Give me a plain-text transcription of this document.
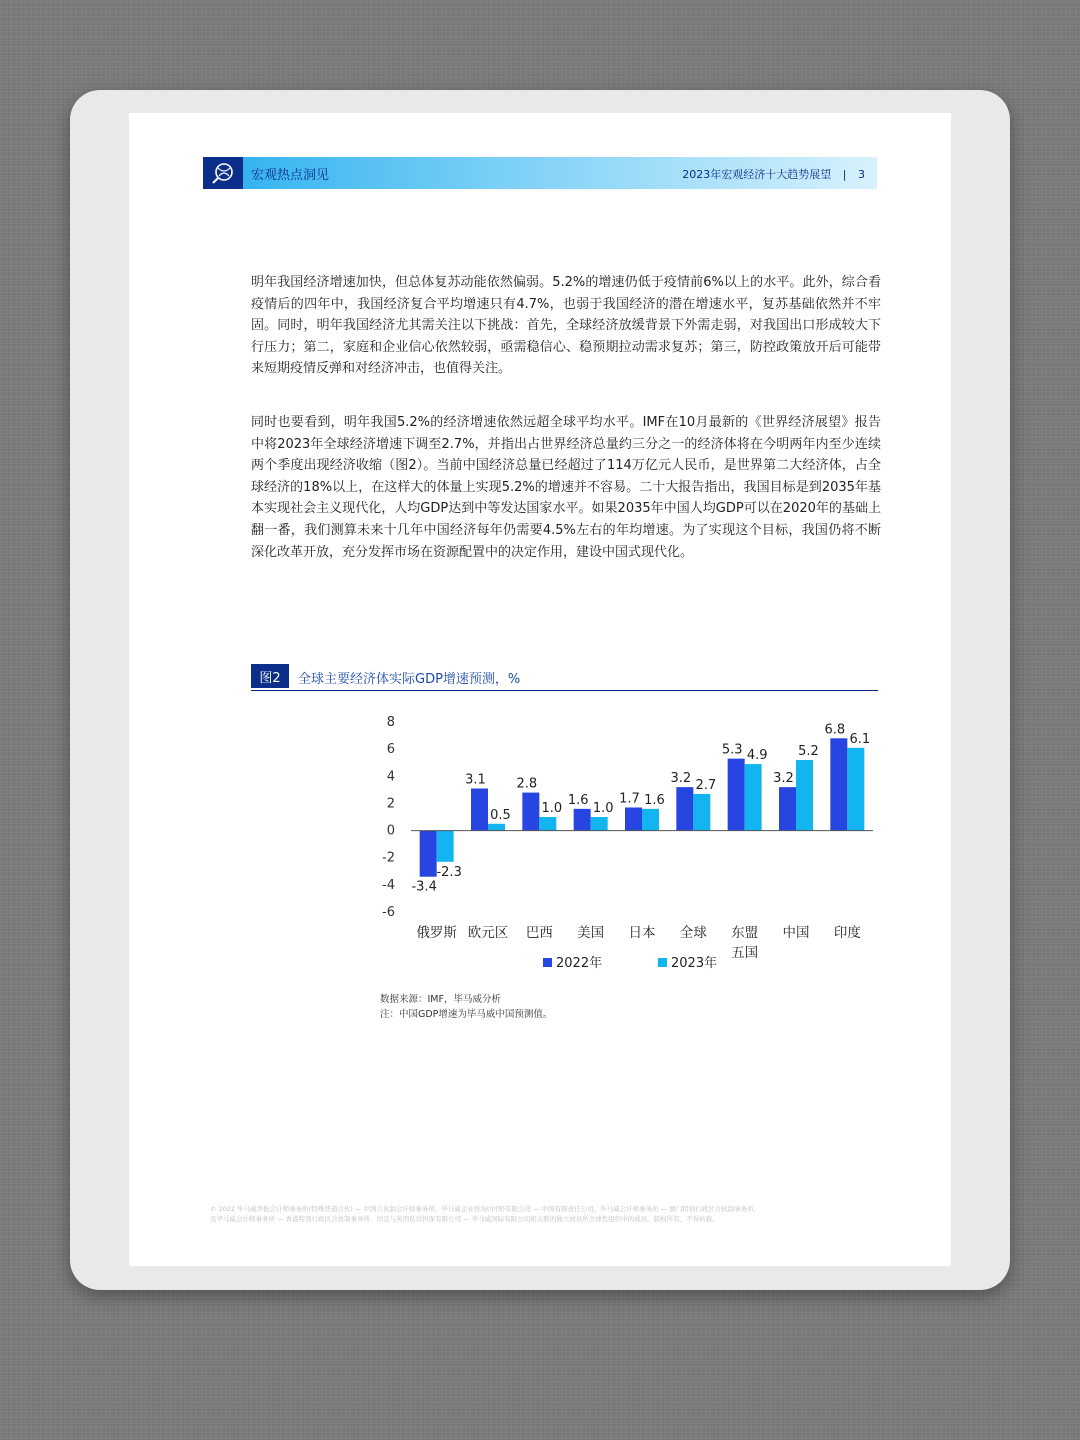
宏观热点洞见	2023年宏观经济十大趋势展望 | 3

明年我国经济增速加快，但总体复苏动能依然偏弱。5.2%的增速仍低于疫情前6%以上的水平。此外，综合看疫情后的四年中，我国经济复合平均增速只有4.7%，也弱于我国经济的潜在增速水平，复苏基础依然并不牢固。同时，明年我国经济尤其需关注以下挑战：首先，全球经济放缓背景下外需走弱，对我国出口形成较大下行压力；第二，家庭和企业信心依然较弱，亟需稳信心、稳预期拉动需求复苏；第三，防控政策放开后可能带来短期疫情反弹和对经济冲击，也值得关注。

同时也要看到，明年我国5.2%的经济增速依然远超全球平均水平。IMF在10月最新的《世界经济展望》报告中将2023年全球经济增速下调至2.7%，并指出占世界经济总量约三分之一的经济体将在今明两年内至少连续两个季度出现经济收缩（图2）。当前中国经济总量已经超过了114万亿元人民币，是世界第二大经济体，占全球经济的18%以上，在这样大的体量上实现5.2%的增速并不容易。二十大报告指出，我国目标是到2035年基本实现社会主义现代化，人均GDP达到中等发达国家水平。如果2035年中国人均GDP可以在2020年的基础上翻一番，我们测算未来十几年中国经济每年仍需要4.5%左右的年均增速。为了实现这个目标，我国仍将不断深化改革开放，充分发挥市场在资源配置中的决定作用，建设中国式现代化。

图2	全球主要经济体实际GDP增速预测，%
8
6
4
2
0
-2
-4
-6
-3.4
3.1 2.8
1.6 1.7
3.2
5.3
3.2
6.8
-2.3
0.5 1.0 1.0
1.6
2.7
4.9 5.2
6.1
俄罗斯 欧元区 巴西 美国 日本 全球 东盟
五国
中国 印度
2022年	2023年
数据来源：IMF，毕马威分析
注：中国GDP增速为毕马威中国预测值。
© 2022 毕马威华振会计师事务所(特殊普通合伙) — 中国合伙制会计师事务所，毕马威企业咨询(中国)有限公司 — 中国有限责任公司，毕马威会计师事务所 — 澳门特别行政区合伙制事务所，
及毕马威会计师事务所 — 香港特别行政区合伙制事务所，均是与英国私营担保有限公司 — 毕马威国际有限公司相关联的独立成员所全球性组织中的成员。版权所有，不得转载。
